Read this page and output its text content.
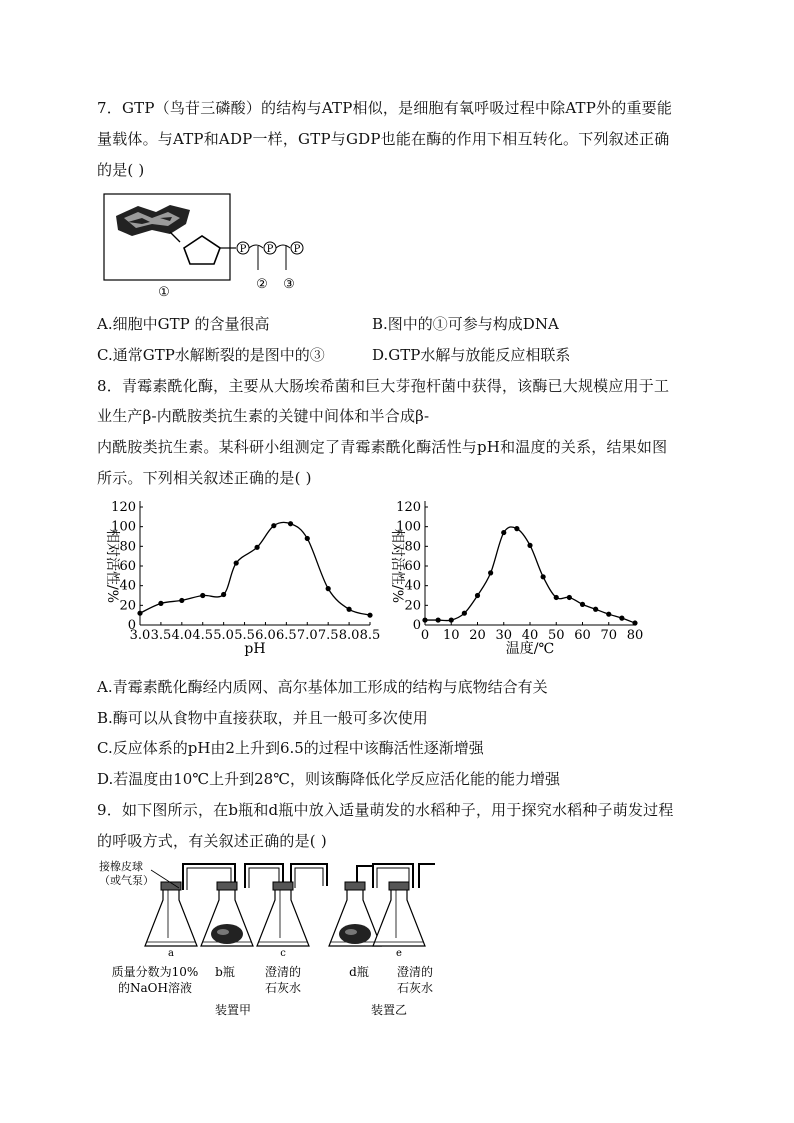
7．GTP（鸟苷三磷酸）的结构与ATP相似，是细胞有氧呼吸过程中除ATP外的重要能
量载体。与ATP和ADP一样，GTP与GDP也能在酶的作用下相互转化。下列叙述正确
的是( )
P P P
② ③
①
A.细胞中GTP 的含量很高	B.图中的①可参与构成DNA
C.通常GTP水解断裂的是图中的③	D.GTP水解与放能反应相联系
8．青霉素酰化酶，主要从大肠埃希菌和巨大芽孢杆菌中获得，该酶已大规模应用于工
业生产β-内酰胺类抗生素的关键中间体和半合成β-
内酰胺类抗生素。某科研小组测定了青霉素酰化酶活性与pH和温度的关系，结果如图
所示。下列相关叙述正确的是( )
0
20
40
60
80
100
120
3.0 3.5 4.0 4.5 5.0 5.5 6.0 6.5 7.0 7.5 8.0 8.5
pH
相对活性/%
0
20
40
60
80
100
120
0 10 20 30 40 50 60 70 80
温度/℃
相对活性/%
A.青霉素酰化酶经内质网、高尔基体加工形成的结构与底物结合有关
B.酶可以从食物中直接获取，并且一般可多次使用
C.反应体系的pH由2上升到6.5的过程中该酶活性逐渐增强
D.若温度由10℃上升到28℃，则该酶降低化学反应活化能的能力增强
9．如下图所示，在b瓶和d瓶中放入适量萌发的水稻种子，用于探究水稻种子萌发过程
的呼吸方式，有关叙述正确的是( )
接橡皮球
（或气泵）
a	c	e
质量分数为10%
的NaOH溶液
b瓶	澄清的
石灰水
d瓶 澄清的
石灰水
装置甲	装置乙
